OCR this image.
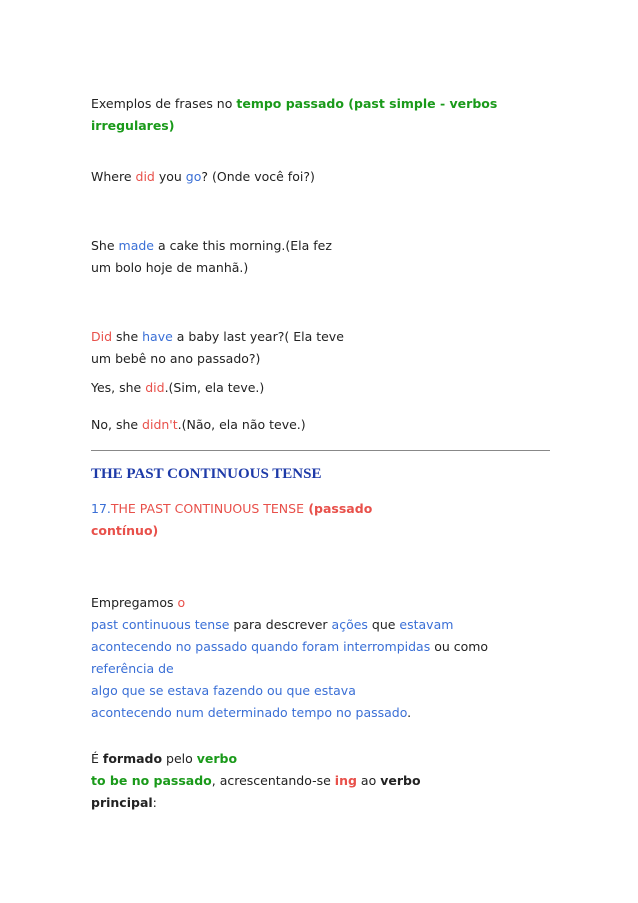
Exemplos de frases no tempo passado (past simple - verbos irregulares)
Where did you go? (Onde você foi?)
She made a cake this morning.(Ela fez
um bolo hoje de manhã.)
Did she have a baby last year?( Ela teve
um bebê no ano passado?)
Yes, she did.(Sim, ela teve.)
No, she didn't.(Não, ela não teve.)
THE PAST CONTINUOUS TENSE
17.THE PAST CONTINUOUS TENSE (passado
contínuo)
Empregamos o
past continuous tense para descrever ações que estavam
acontecendo no passado quando foram interrompidas ou como referência de
algo que se estava fazendo ou que estava
acontecendo num determinado tempo no passado.
É formado pelo verbo
to be no passado, acrescentando-se ing ao verbo
principal:
